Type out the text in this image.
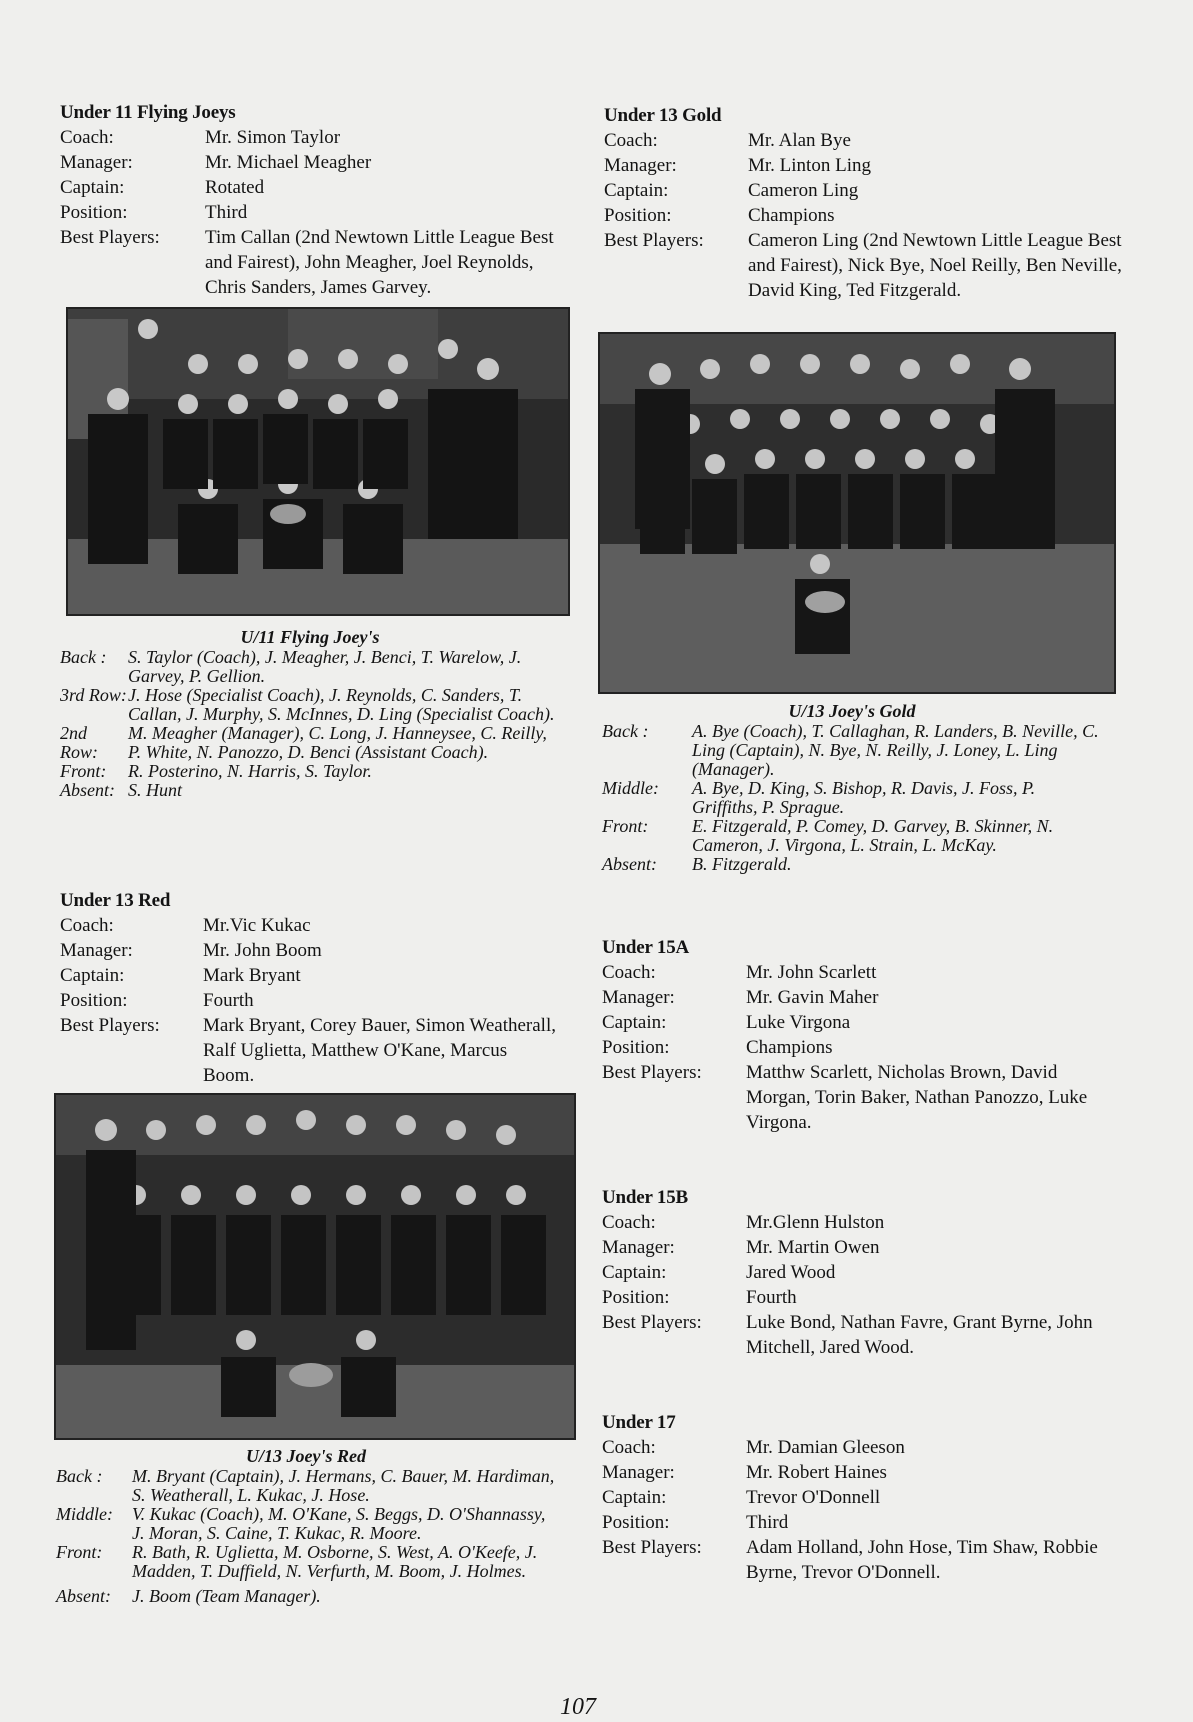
Under 11 Flying Joeys
Coach:	Mr. Simon Taylor
Manager:	Mr. Michael Meagher
Captain:	Rotated
Position:	Third
Best Players:	Tim Callan (2nd Newtown Little League Best and Fairest), John Meagher, Joel Reynolds, Chris Sanders, James Garvey.
U/11 Flying Joey's
Back :	S. Taylor (Coach), J. Meagher, J. Benci, T. Warelow, J. Garvey, P. Gellion.
3rd Row: J. Hose (Specialist Coach), J. Reynolds, C. Sanders, T. Callan, J. Murphy, S. McInnes, D. Ling (Specialist Coach).
2nd Row:
M. Meagher (Manager), C. Long, J. Hanneysee, C. Reilly, P. White, N. Panozzo, D. Benci (Assistant Coach).
Front:	R. Posterino, N. Harris, S. Taylor.
Absent: S. Hunt
Under 13 Red
Coach:	Mr.Vic Kukac
Manager:	Mr. John Boom
Captain:	Mark Bryant
Position:	Fourth
Best Players:	Mark Bryant, Corey Bauer, Simon Weatherall, Ralf Uglietta, Matthew O'Kane, Marcus Boom.
U/13 Joey's Red
Back :	M. Bryant (Captain), J. Hermans, C. Bauer, M. Hardiman, S. Weatherall, L. Kukac, J. Hose.
Middle:	V. Kukac (Coach), M. O'Kane, S. Beggs, D. O'Shannassy, J. Moran, S. Caine, T. Kukac, R. Moore.
Front:	R. Bath, R. Uglietta, M. Osborne, S. West, A. O'Keefe, J. Madden, T. Duffield, N. Verfurth, M. Boom, J. Holmes.
Absent:	J. Boom (Team Manager).
Under 13 Gold
Coach:	Mr. Alan Bye
Manager:	Mr. Linton Ling
Captain:	Cameron Ling
Position:	Champions
Best Players:	Cameron Ling (2nd Newtown Little League Best and Fairest), Nick Bye, Noel Reilly, Ben Neville, David King, Ted Fitzgerald.
U/13 Joey's Gold
Back :	A. Bye (Coach), T. Callaghan, R. Landers, B. Neville, C. Ling (Captain), N. Bye, N. Reilly, J. Loney, L. Ling (Manager).
Middle:	A. Bye, D. King, S. Bishop, R. Davis, J. Foss, P. Griffiths, P. Sprague.
Front:	E. Fitzgerald, P. Comey, D. Garvey, B. Skinner, N. Cameron, J. Virgona, L. Strain, L. McKay.
Absent:	B. Fitzgerald.
Under 15A
Coach:	Mr. John Scarlett
Manager:	Mr. Gavin Maher
Captain:	Luke Virgona
Position:	Champions
Best Players:	Matthw Scarlett, Nicholas Brown, David Morgan, Torin Baker, Nathan Panozzo, Luke Virgona.
Under 15B
Coach:	Mr.Glenn Hulston
Manager:	Mr. Martin Owen
Captain:	Jared Wood
Position:	Fourth
Best Players:	Luke Bond, Nathan Favre, Grant Byrne, John Mitchell, Jared Wood.
Under 17
Coach:	Mr. Damian Gleeson
Manager:	Mr. Robert Haines
Captain:	Trevor O'Donnell
Position:	Third
Best Players:	Adam Holland, John Hose, Tim Shaw, Robbie Byrne, Trevor O'Donnell.
107
